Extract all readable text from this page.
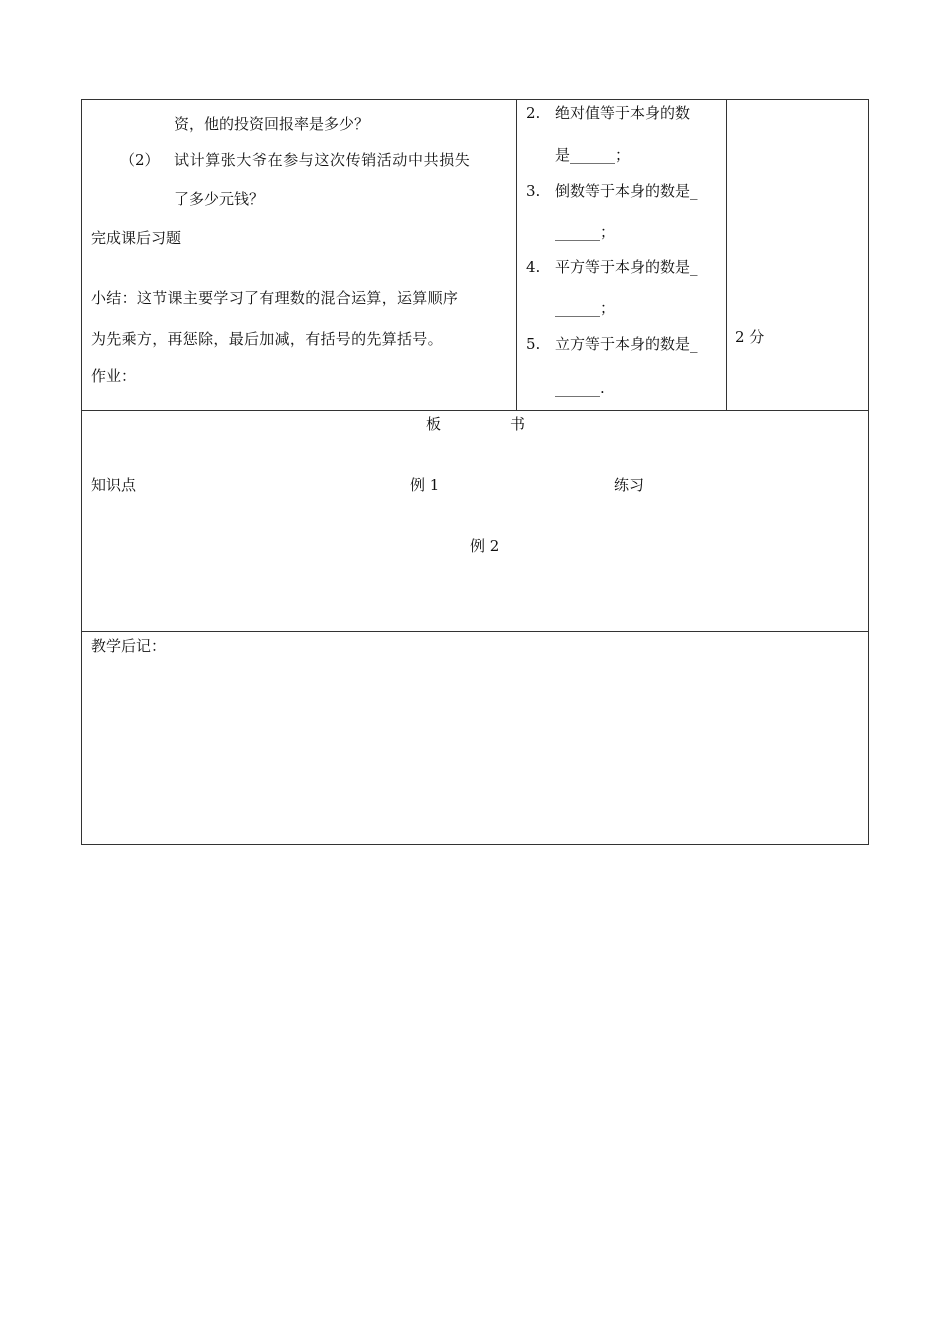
资，他的投资回报率是多少？
（2） 试计算张大爷在参与这次传销活动中共损失
了多少元钱？
完成课后习题
小结：这节课主要学习了有理数的混合运算，运算顺序
为先乘方，再惩除，最后加减，有括号的先算括号。
作业：
2. 绝对值等于本身的数
是______；
3. 倒数等于本身的数是_
______；
4. 平方等于本身的数是_
______；
5. 立方等于本身的数是_
______.
2 分
板	书
知识点	例 1	练习
例 2
教学后记：
